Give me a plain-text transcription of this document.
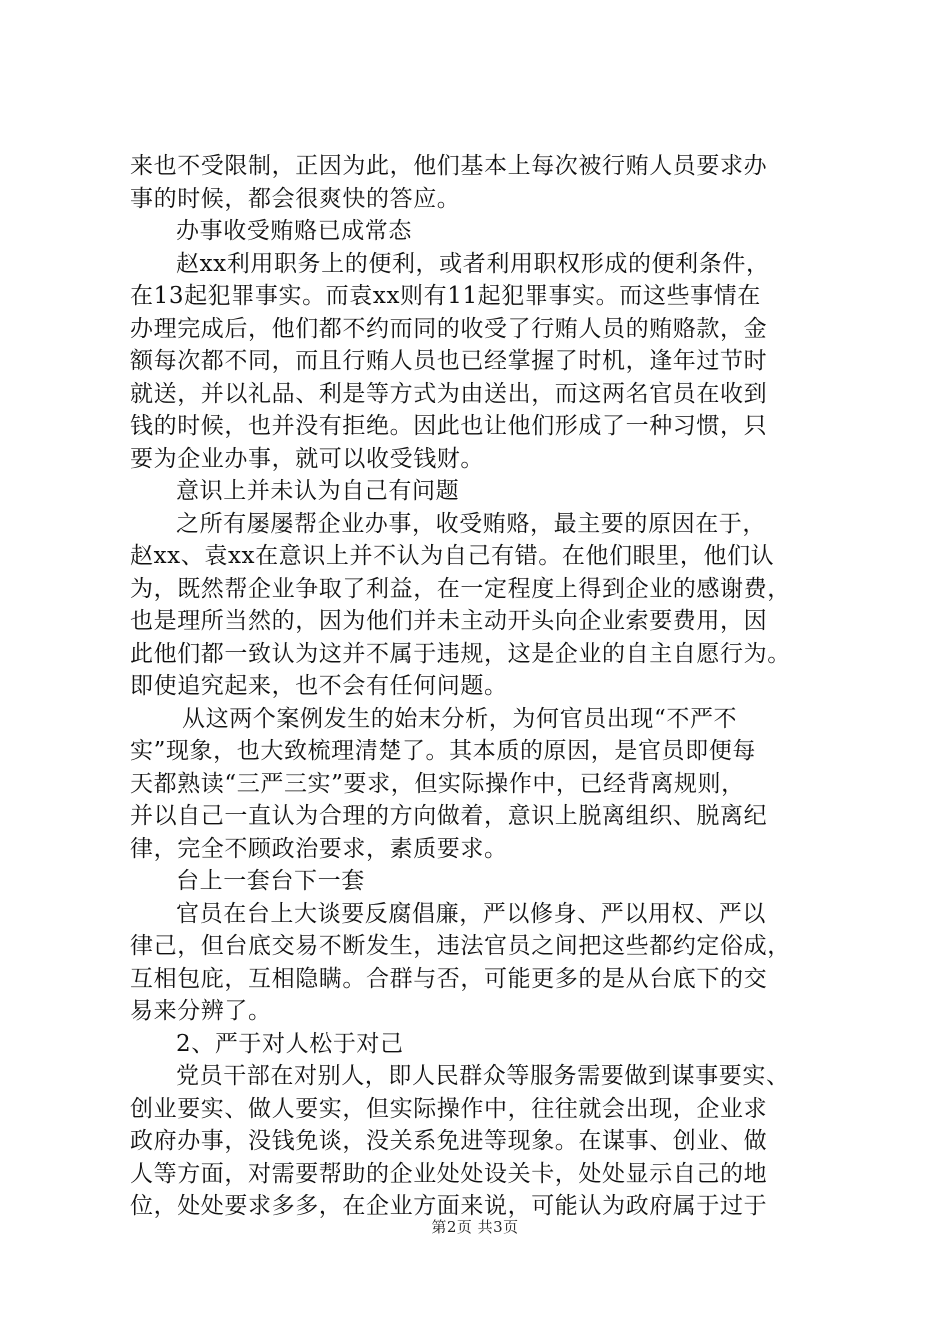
来也不受限制，正因为此，他们基本上每次被行贿人员要求办
事的时候，都会很爽快的答应。
办事收受贿赂已成常态
赵xx利用职务上的便利，或者利用职权形成的便利条件，
在13起犯罪事实。而袁xx则有11起犯罪事实。而这些事情在
办理完成后，他们都不约而同的收受了行贿人员的贿赂款，金
额每次都不同，而且行贿人员也已经掌握了时机，逢年过节时
就送，并以礼品、利是等方式为由送出，而这两名官员在收到
钱的时候，也并没有拒绝。因此也让他们形成了一种习惯，只
要为企业办事，就可以收受钱财。
意识上并未认为自己有问题
之所有屡屡帮企业办事，收受贿赂，最主要的原因在于，
赵xx、袁xx在意识上并不认为自己有错。在他们眼里，他们认
为，既然帮企业争取了利益，在一定程度上得到企业的感谢费，
也是理所当然的，因为他们并未主动开头向企业索要费用，因
此他们都一致认为这并不属于违规，这是企业的自主自愿行为。
即使追究起来，也不会有任何问题。
从这两个案例发生的始末分析，为何官员出现“不严不
实”现象，也大致梳理清楚了。其本质的原因，是官员即便每
天都熟读“三严三实”要求，但实际操作中，已经背离规则，
并以自己一直认为合理的方向做着，意识上脱离组织、脱离纪
律，完全不顾政治要求，素质要求。
台上一套台下一套
官员在台上大谈要反腐倡廉，严以修身、严以用权、严以
律己，但台底交易不断发生，违法官员之间把这些都约定俗成，
互相包庇，互相隐瞒。合群与否，可能更多的是从台底下的交
易来分辨了。
2、严于对人松于对己
党员干部在对别人，即人民群众等服务需要做到谋事要实、
创业要实、做人要实，但实际操作中，往往就会出现，企业求
政府办事，没钱免谈，没关系免进等现象。在谋事、创业、做
人等方面，对需要帮助的企业处处设关卡，处处显示自己的地
位，处处要求多多，在企业方面来说，可能认为政府属于过于
第2页 共3页
